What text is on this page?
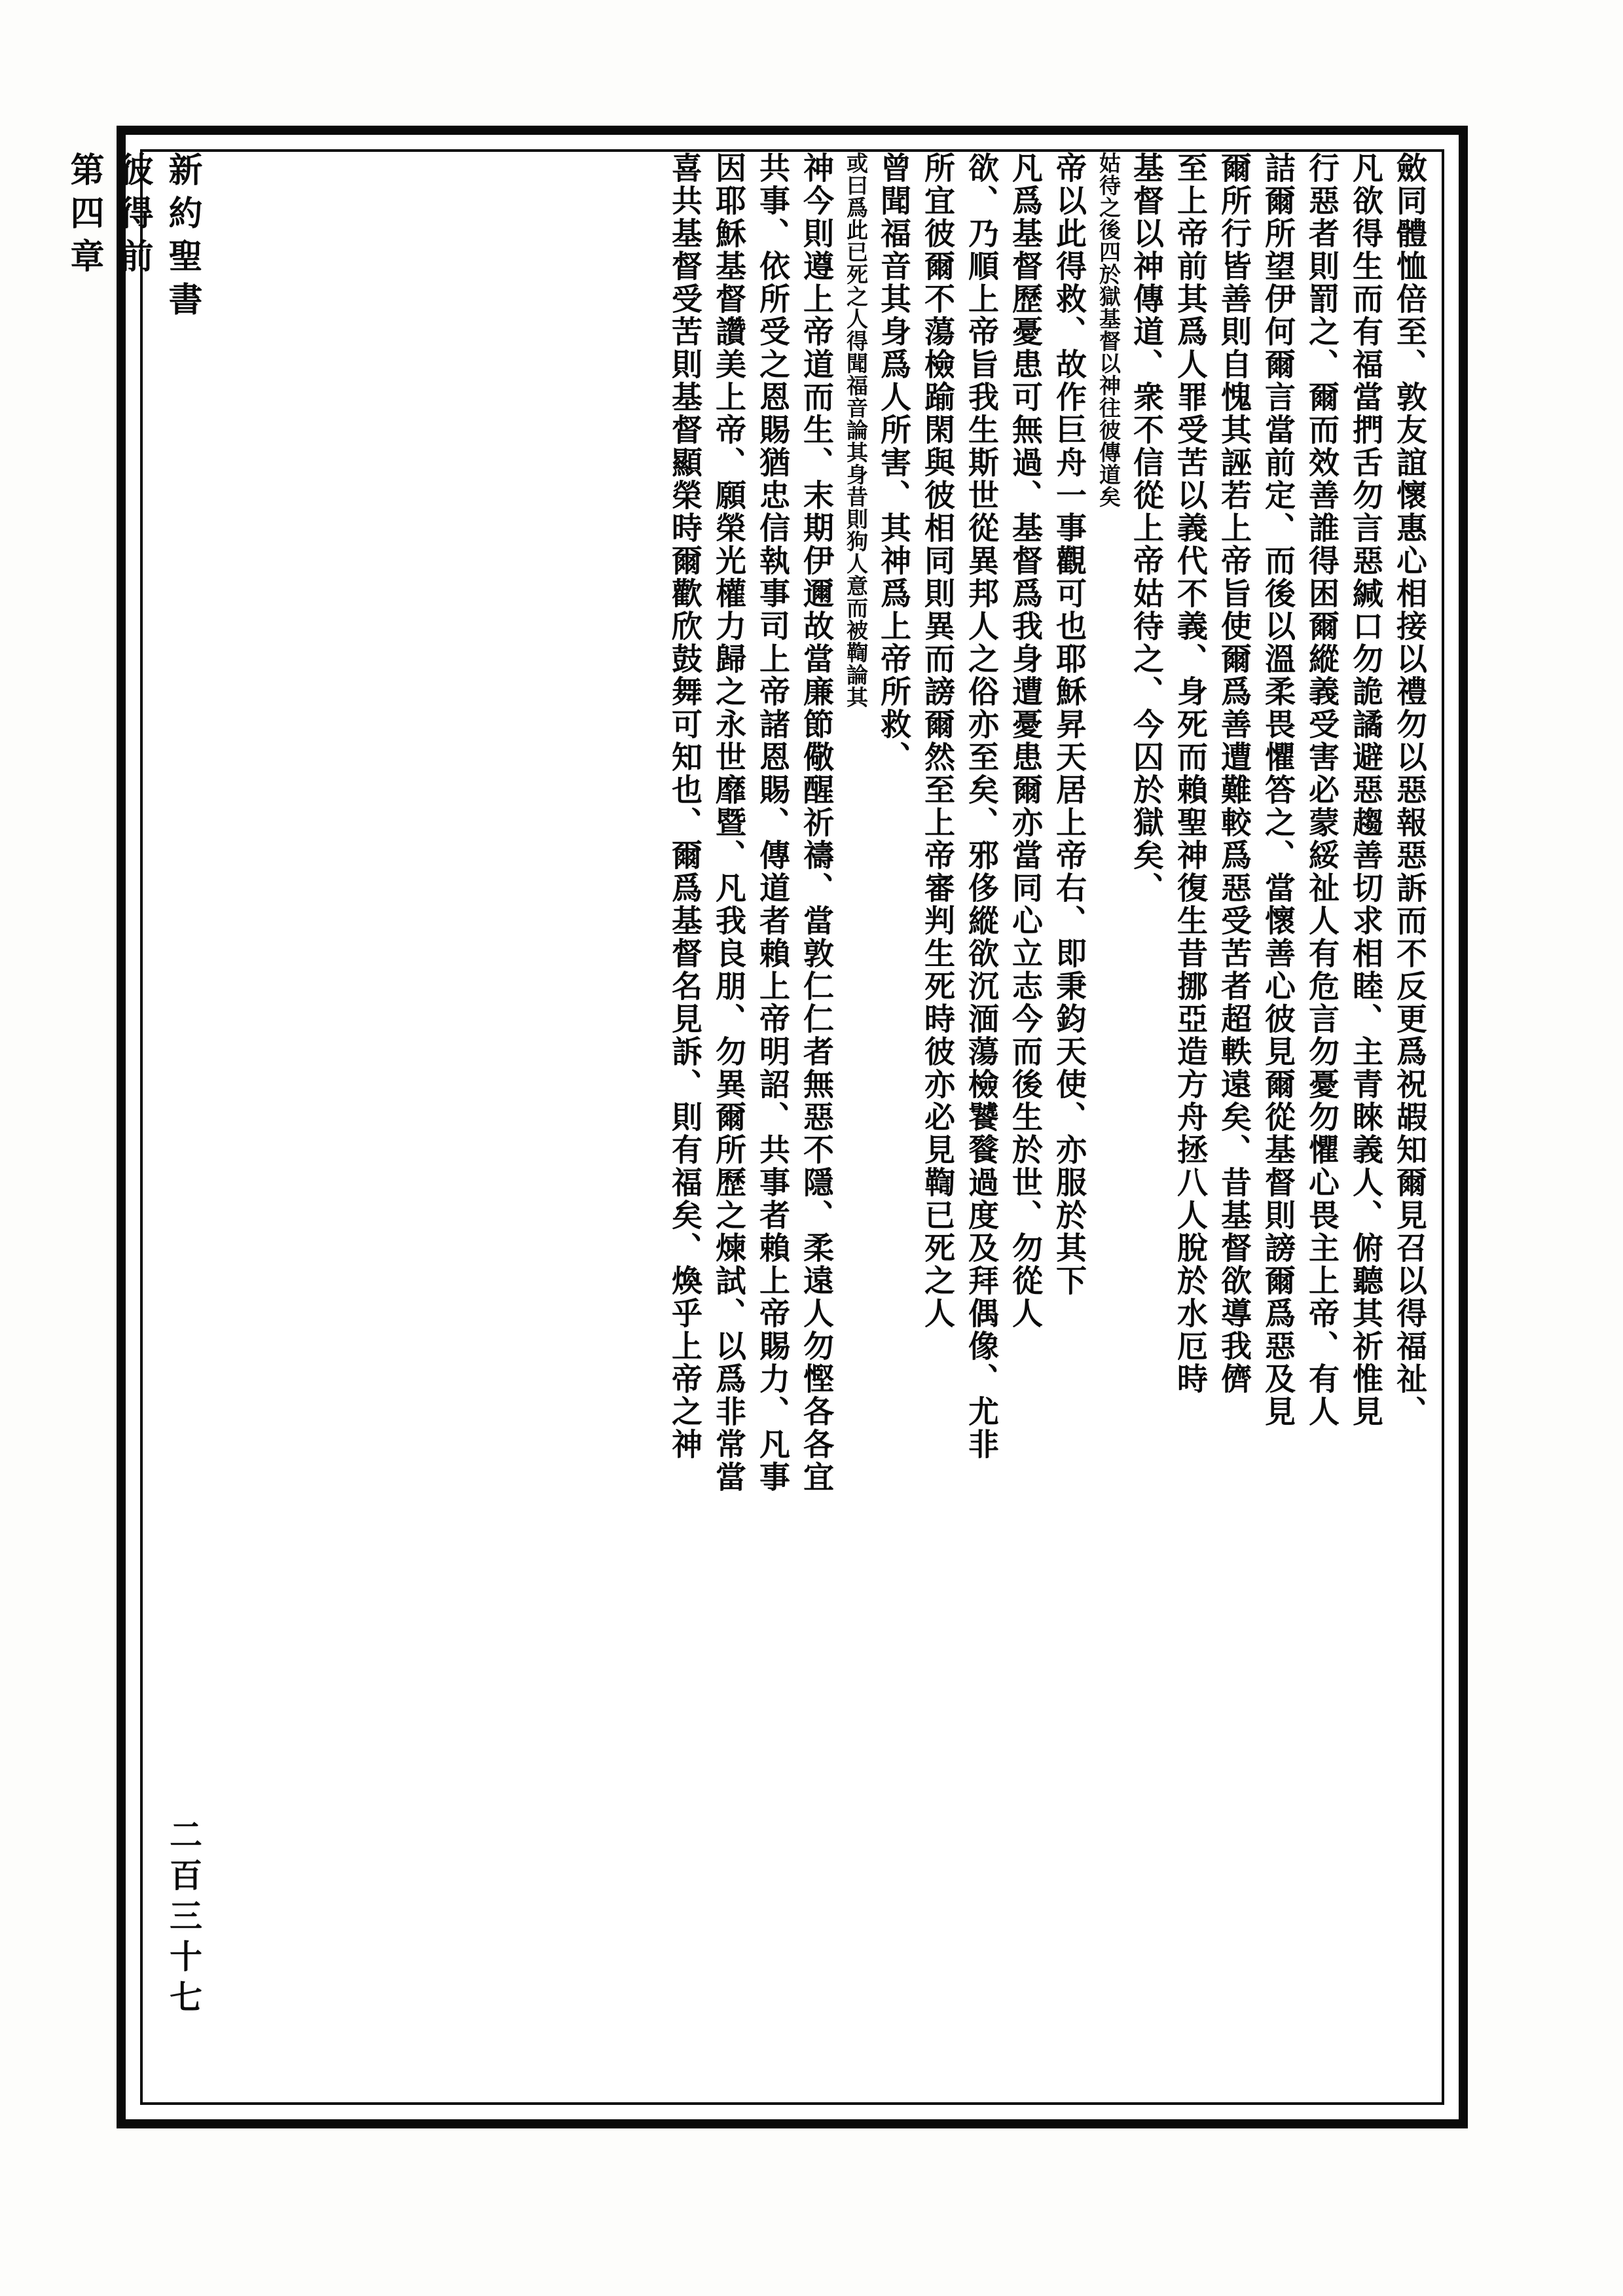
新約聖書
彼得前
第四章
二百三十七
斂同體恤倍至、敦友誼懷惠心相接以禮勿以惡報惡訴而不反更爲祝嘏知爾見召以得福祉、
凡欲得生而有福當捫舌勿言惡緘口勿詭譎避惡趨善切求相睦、主青睞義人、俯聽其祈惟見
行惡者則罰之、爾而效善誰得困爾縱義受害必蒙綏祉人有危言勿憂勿懼心畏主上帝、有人
詰爾所望伊何爾言當前定、而後以溫柔畏懼答之、當懷善心彼見爾從基督則謗爾爲惡及見
爾所行皆善則自愧其誣若上帝旨使爾爲善遭難較爲惡受苦者超軼遠矣、昔基督欲導我儕
至上帝前其爲人罪受苦以義代不義、身死而賴聖神復生昔挪亞造方舟拯八人脫於水厄時
基督以神傳道、衆不信從上帝姑待之、今囚於獄矣、
姑待之後四於獄基督以神往彼傳道矣
帝以此得救、故作巨舟一事觀可也耶穌昇天居上帝右、即秉鈞天使、亦服於其下
凡爲基督歷憂患可無過、基督爲我身遭憂患爾亦當同心立志今而後生於世、勿從人
欲、乃順上帝旨我生斯世從異邦人之俗亦至矣、邪侈縱欲沉湎蕩檢饕餮過度及拜偶像、尤非
所宜彼爾不蕩檢踰閑與彼相同則異而謗爾然至上帝審判生死時彼亦必見鞫已死之人
曾聞福音其身爲人所害、其神爲上帝所救、
或曰爲此已死之人得聞福音論其身昔則狗人意而被鞫論其
神今則遵上帝道而生、末期伊邇故當廉節儆醒祈禱、當敦仁仁者無惡不隱、柔遠人勿慳各各宜
共事、依所受之恩賜猶忠信執事司上帝諸恩賜、傳道者賴上帝明詔、共事者賴上帝賜力、凡事
因耶穌基督讚美上帝、願榮光權力歸之永世靡暨、凡我良朋、勿異爾所歷之煉試、以爲非常當
喜共基督受苦則基督顯榮時爾歡欣鼓舞可知也、爾爲基督名見訴、則有福矣、煥乎上帝之神
